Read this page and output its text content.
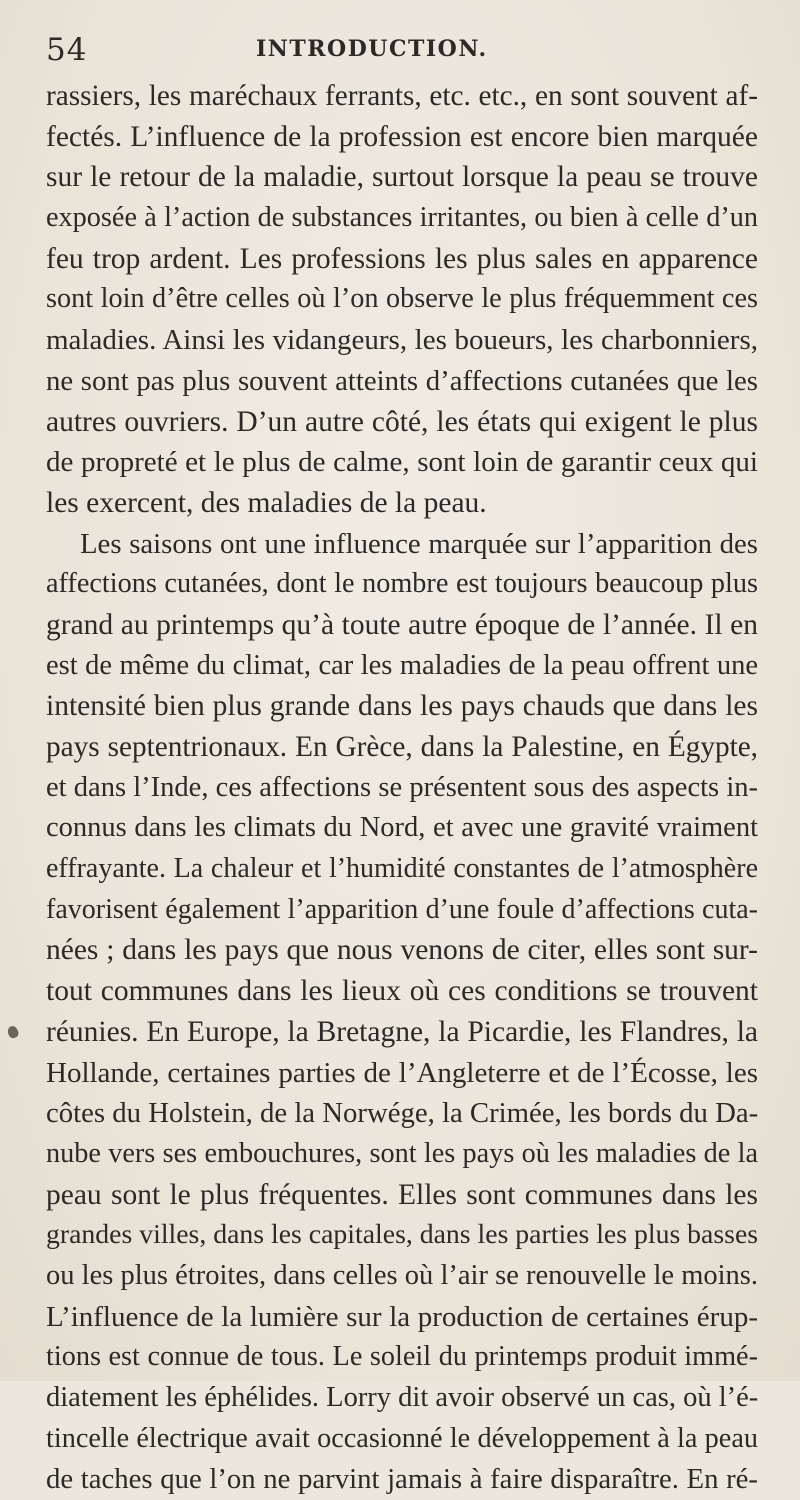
54	INTRODUCTION.
rassiers, les maréchaux ferrants, etc. etc., en sont souvent af-
fectés. L’influence de la profession est encore bien marquée
sur le retour de la maladie, surtout lorsque la peau se trouve
exposée à l’action de substances irritantes, ou bien à celle d’un
feu trop ardent. Les professions les plus sales en apparence
sont loin d’être celles où l’on observe le plus fréquemment ces
maladies. Ainsi les vidangeurs, les boueurs, les charbonniers,
ne sont pas plus souvent atteints d’affections cutanées que les
autres ouvriers. D’un autre côté, les états qui exigent le plus
de propreté et le plus de calme, sont loin de garantir ceux qui
les exercent, des maladies de la peau.
Les saisons ont une influence marquée sur l’apparition des
affections cutanées, dont le nombre est toujours beaucoup plus
grand au printemps qu’à toute autre époque de l’année. Il en
est de même du climat, car les maladies de la peau offrent une
intensité bien plus grande dans les pays chauds que dans les
pays septentrionaux. En Grèce, dans la Palestine, en Égypte,
et dans l’Inde, ces affections se présentent sous des aspects in-
connus dans les climats du Nord, et avec une gravité vraiment
effrayante. La chaleur et l’humidité constantes de l’atmosphère
favorisent également l’apparition d’une foule d’affections cuta-
nées ; dans les pays que nous venons de citer, elles sont sur-
tout communes dans les lieux où ces conditions se trouvent
réunies. En Europe, la Bretagne, la Picardie, les Flandres, la
Hollande, certaines parties de l’Angleterre et de l’Écosse, les
côtes du Holstein, de la Norwége, la Crimée, les bords du Da-
nube vers ses embouchures, sont les pays où les maladies de la
peau sont le plus fréquentes. Elles sont communes dans les
grandes villes, dans les capitales, dans les parties les plus basses
ou les plus étroites, dans celles où l’air se renouvelle le moins.
L’influence de la lumière sur la production de certaines érup-
tions est connue de tous. Le soleil du printemps produit immé-
diatement les éphélides. Lorry dit avoir observé un cas, où l’é-
tincelle électrique avait occasionné le développement à la peau
de taches que l’on ne parvint jamais à faire disparaître. En ré-
